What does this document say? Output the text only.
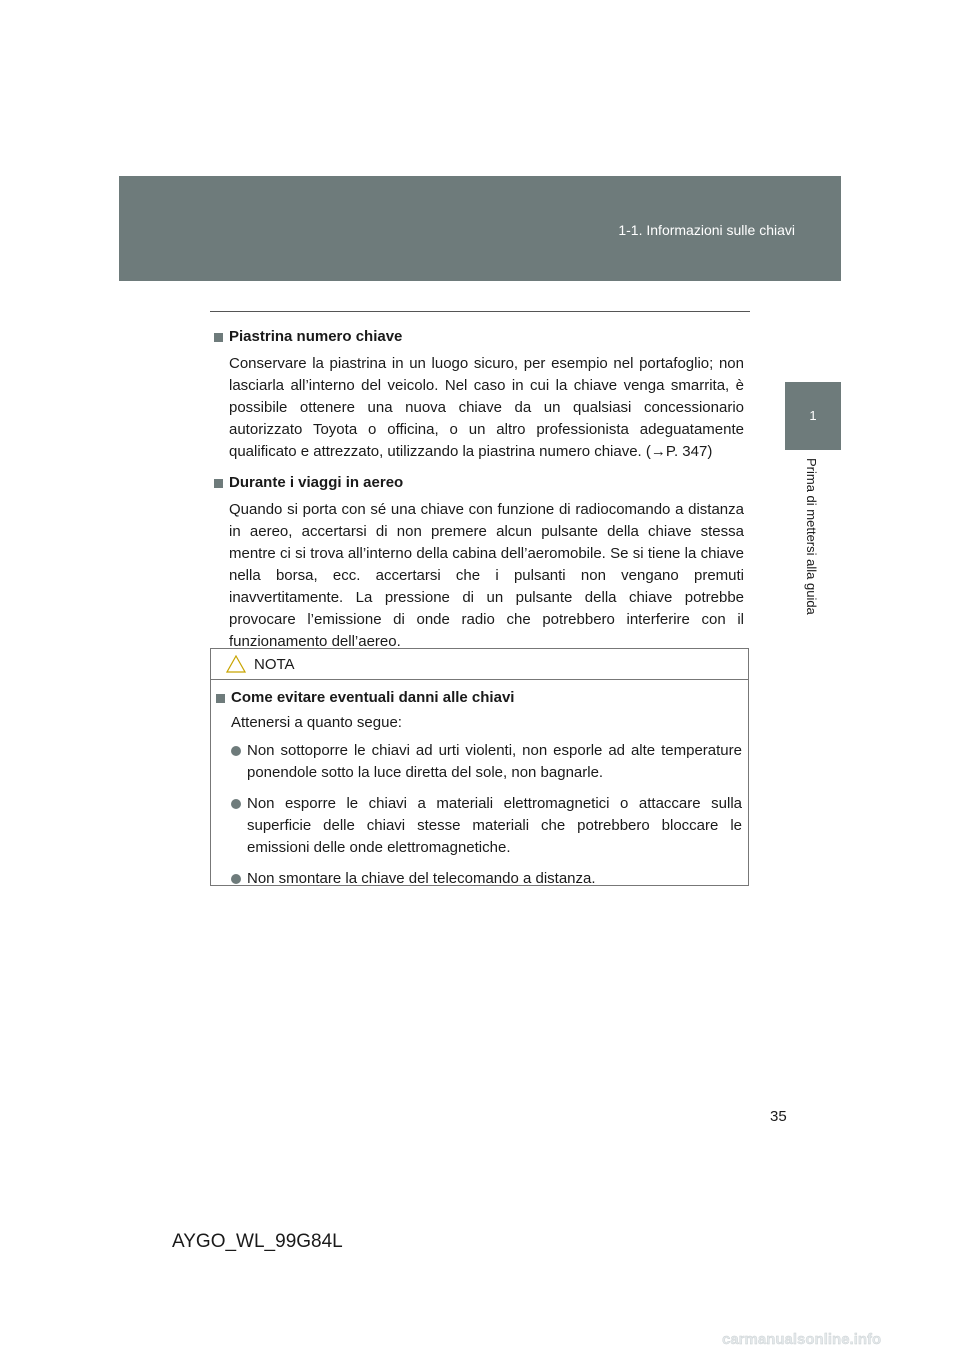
1-1. Informazioni sulle chiavi
1
Prima di mettersi alla guida
Piastrina numero chiave

Conservare la piastrina in un luogo sicuro, per esempio nel portafoglio; non lasciarla all’interno del veicolo. Nel caso in cui la chiave venga smarrita, è possibile ottenere una nuova chiave da un qualsiasi concessionario autorizzato Toyota o officina, o un altro professionista adeguatamente qualificato e attrezzato, utilizzando la piastrina numero chiave. (→P. 347)

Durante i viaggi in aereo

Quando si porta con sé una chiave con funzione di radiocomando a distanza in aereo, accertarsi di non premere alcun pulsante della chiave stessa mentre ci si trova all’interno della cabina dell’aeromobile. Se si tiene la chiave nella borsa, ecc. accertarsi che i pulsanti non vengano premuti inavvertitamente. La pressione di un pulsante della chiave potrebbe provocare l’emissione di onde radio che potrebbero interferire con il funzionamento dell’aereo.

NOTA
Come evitare eventuali danni alle chiavi

Attenersi a quanto segue:

Non sottoporre le chiavi ad urti violenti, non esporle ad alte temperature ponendole sotto la luce diretta del sole, non bagnarle.
Non esporre le chiavi a materiali elettromagnetici o attaccare sulla superficie delle chiavi stesse materiali che potrebbero bloccare le emissioni delle onde elettromagnetiche.
Non smontare la chiave del telecomando a distanza.
35
AYGO_WL_99G84L
carmanualsonline.info
